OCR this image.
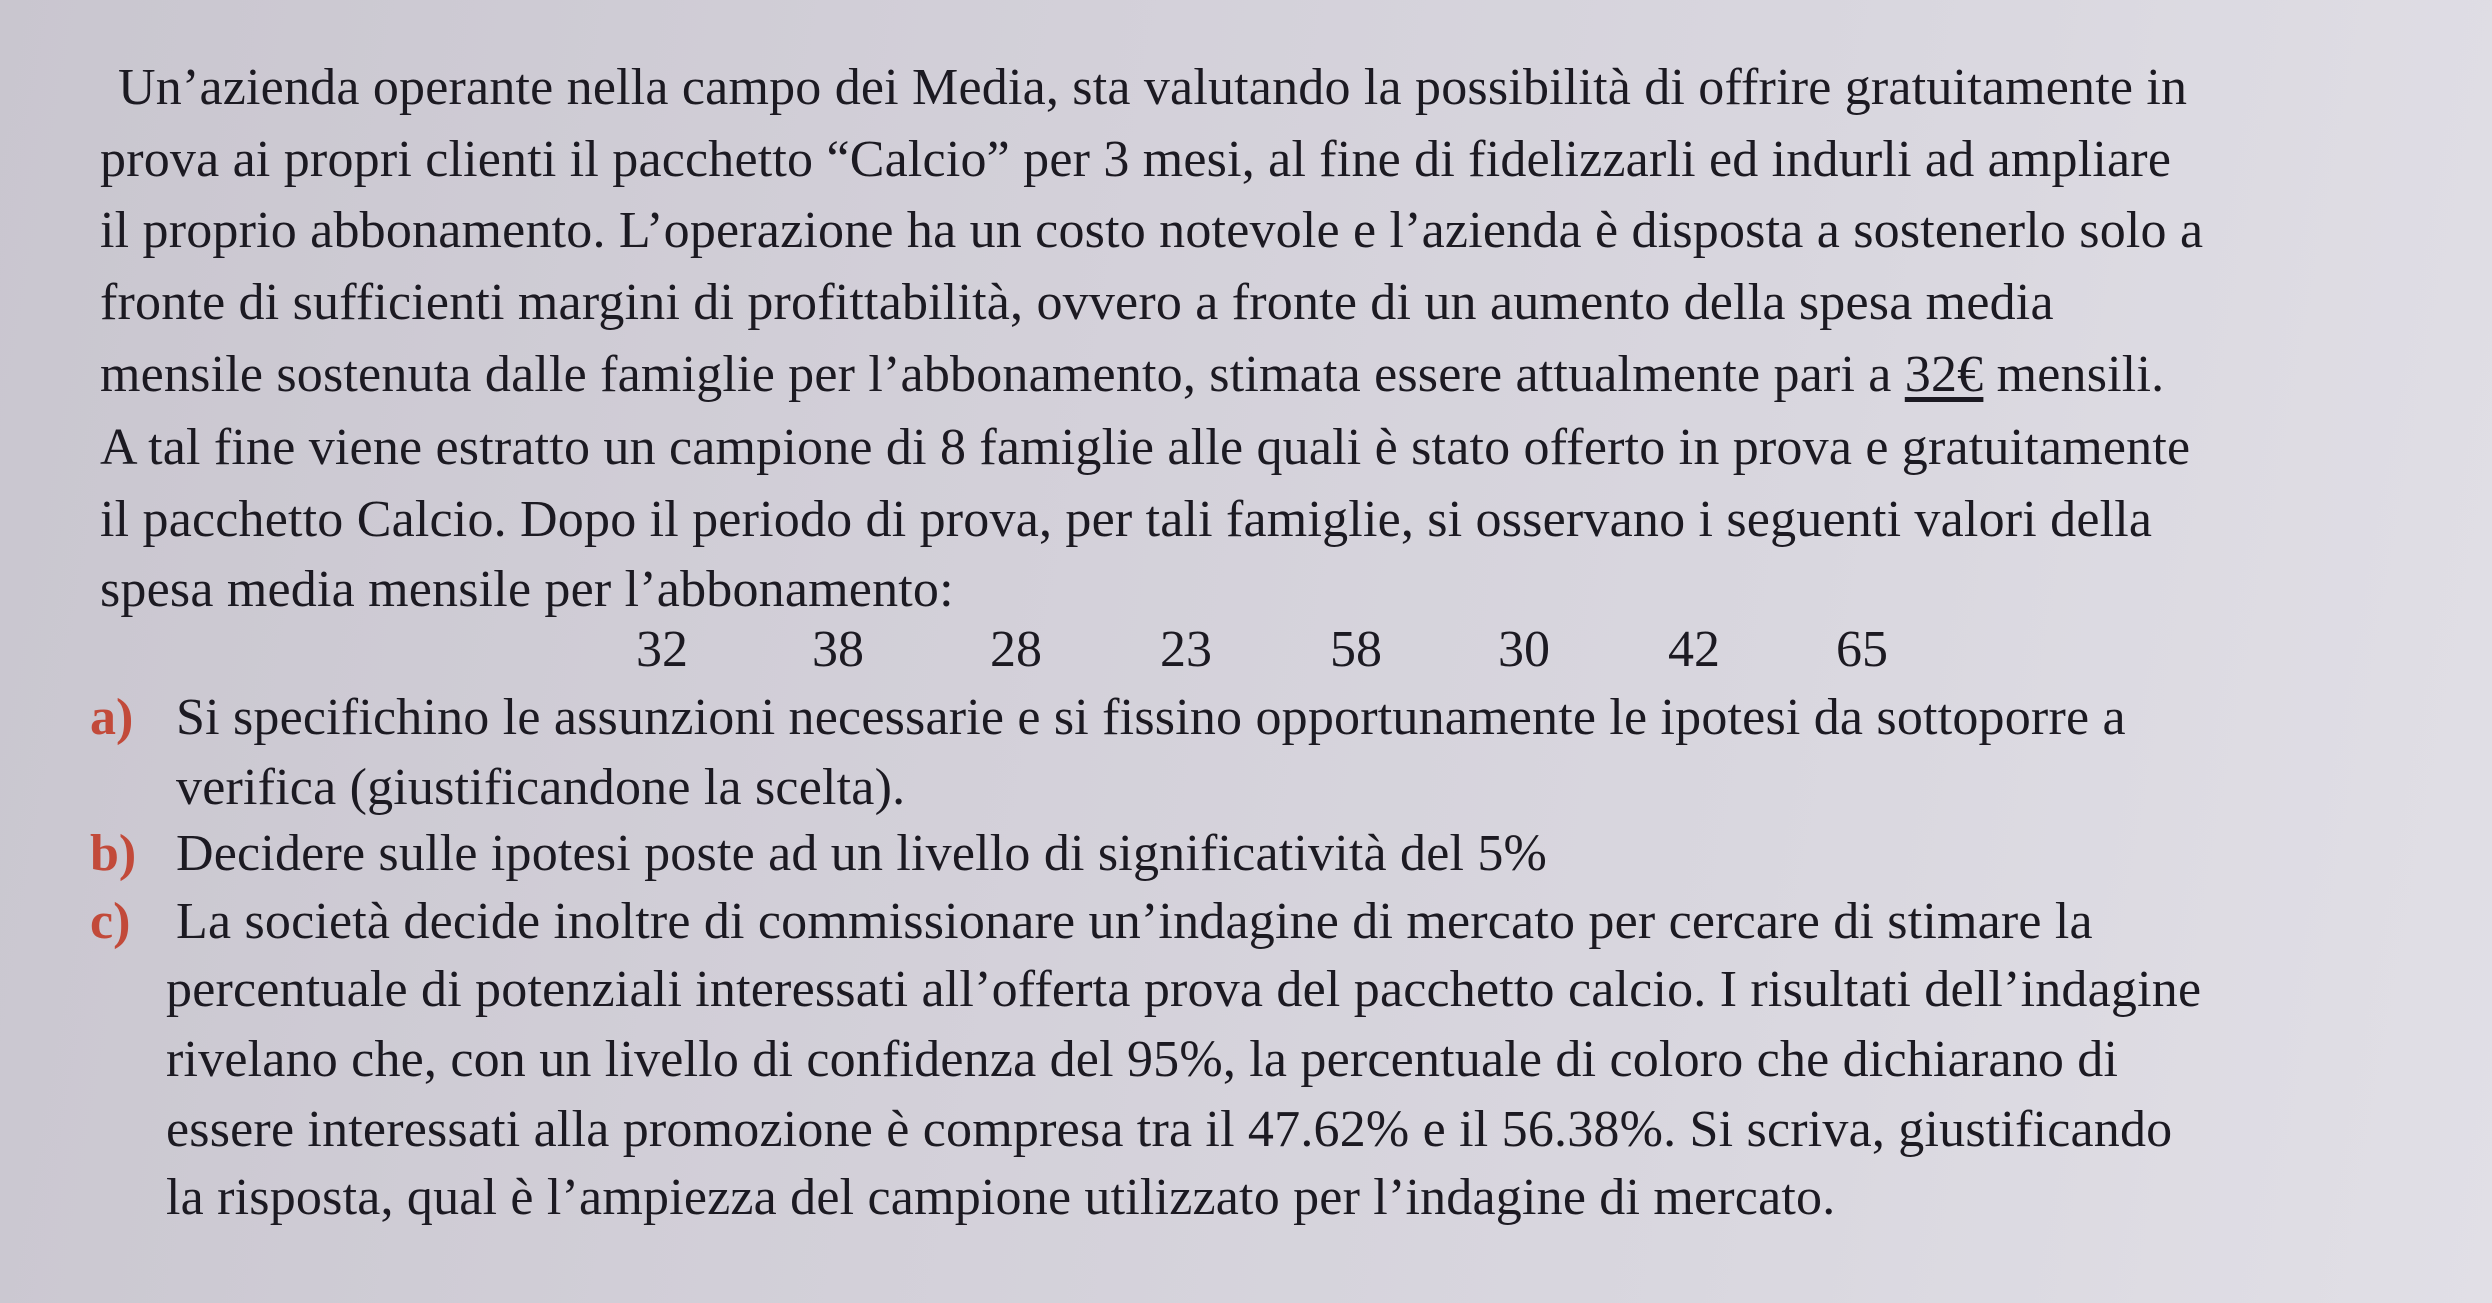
Un’azienda operante nella campo dei Media, sta valutando la possibilità di offrire gratuitamente in
prova ai propri clienti il pacchetto “Calcio” per 3 mesi, al fine di fidelizzarli ed indurli ad ampliare
il proprio abbonamento. L’operazione ha un costo notevole e l’azienda è disposta a sostenerlo solo a
fronte di sufficienti margini di profittabilità, ovvero a fronte di un aumento della spesa media
mensile sostenuta dalle famiglie per l’abbonamento, stimata essere attualmente pari a 32€ mensili.
A tal fine viene estratto un campione di 8 famiglie alle quali è stato offerto in prova e gratuitamente
il pacchetto Calcio. Dopo il periodo di prova, per tali famiglie, si osservano i seguenti valori della
spesa media mensile per l’abbonamento:
32 38 28 23 58 30 42 65
a) Si specifichino le assunzioni necessarie e si fissino opportunamente le ipotesi da sottoporre a
verifica (giustificandone la scelta).
b) Decidere sulle ipotesi poste ad un livello di significatività del 5%
c) La società decide inoltre di commissionare un’indagine di mercato per cercare di stimare la
percentuale di potenziali interessati all’offerta prova del pacchetto calcio. I risultati dell’indagine
rivelano che, con un livello di confidenza del 95%, la percentuale di coloro che dichiarano di
essere interessati alla promozione è compresa tra il 47.62% e il 56.38%. Si scriva, giustificando
la risposta, qual è l’ampiezza del campione utilizzato per l’indagine di mercato.
